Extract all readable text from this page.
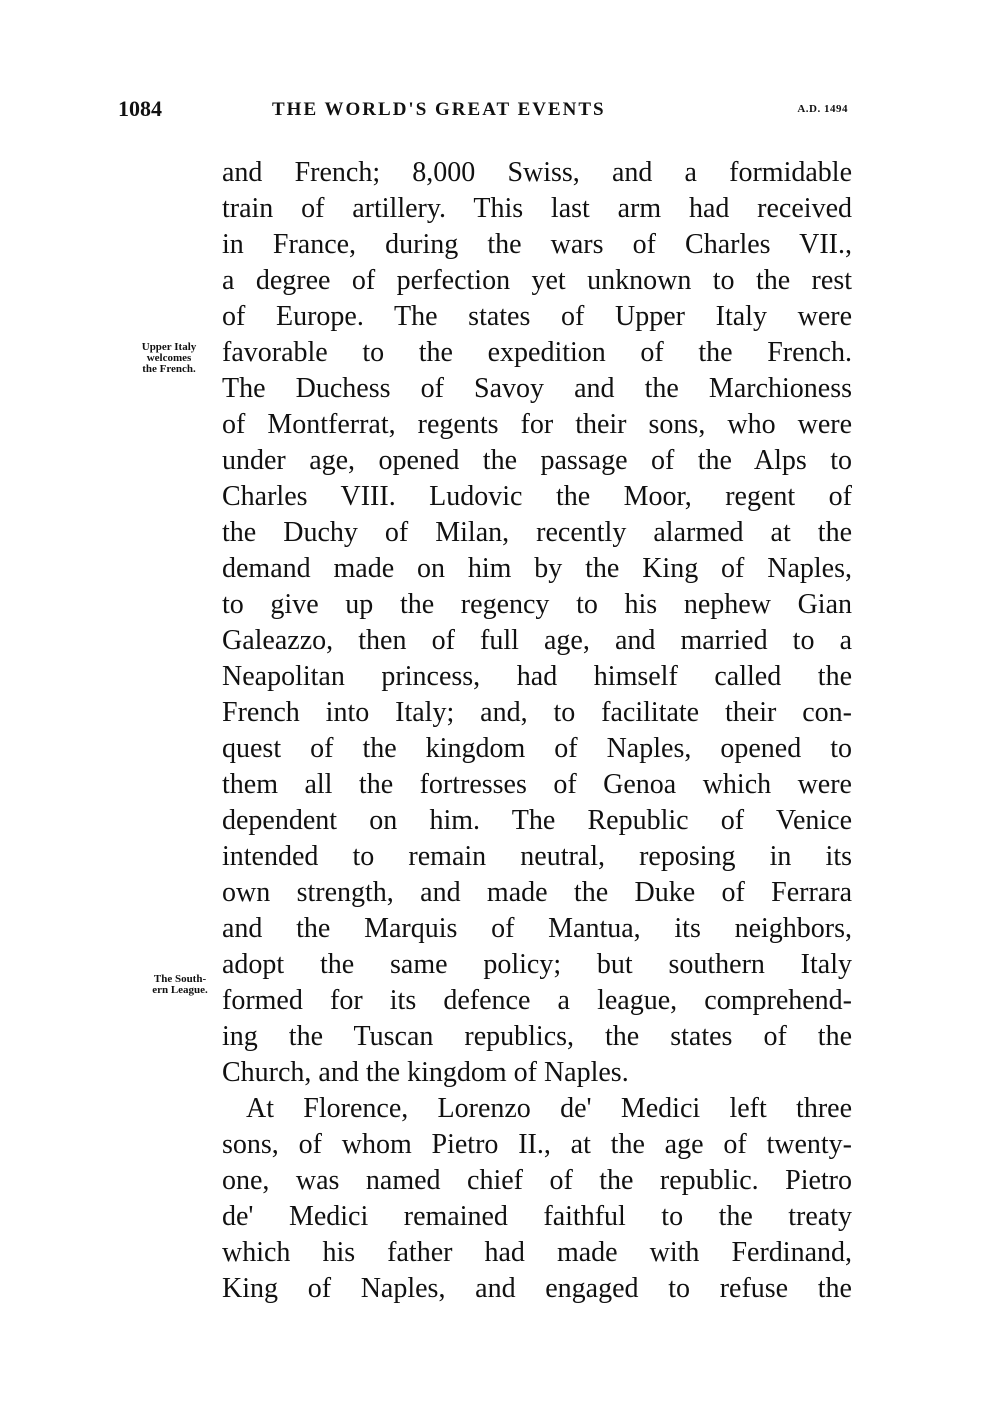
1084	THE WORLD'S GREAT EVENTS	A.D. 1494
Upper Italy
welcomes
the French.
The South-
ern League.
and French; 8,000 Swiss, and a formidable
train of artillery. This last arm had received
in France, during the wars of Charles VII.,
a degree of perfection yet unknown to the rest
of Europe. The states of Upper Italy were
favorable to the expedition of the French.
The Duchess of Savoy and the Marchioness
of Montferrat, regents for their sons, who were
under age, opened the passage of the Alps to
Charles VIII. Ludovic the Moor, regent of
the Duchy of Milan, recently alarmed at the
demand made on him by the King of Naples,
to give up the regency to his nephew Gian
Galeazzo, then of full age, and married to a
Neapolitan princess, had himself called the
French into Italy; and, to facilitate their con-
quest of the kingdom of Naples, opened to
them all the fortresses of Genoa which were
dependent on him. The Republic of Venice
intended to remain neutral, reposing in its
own strength, and made the Duke of Ferrara
and the Marquis of Mantua, its neighbors,
adopt the same policy; but southern Italy
formed for its defence a league, comprehend-
ing the Tuscan republics, the states of the
Church, and the kingdom of Naples.
At Florence, Lorenzo de' Medici left three
sons, of whom Pietro II., at the age of twenty-
one, was named chief of the republic. Pietro
de' Medici remained faithful to the treaty
which his father had made with Ferdinand,
King of Naples, and engaged to refuse the
